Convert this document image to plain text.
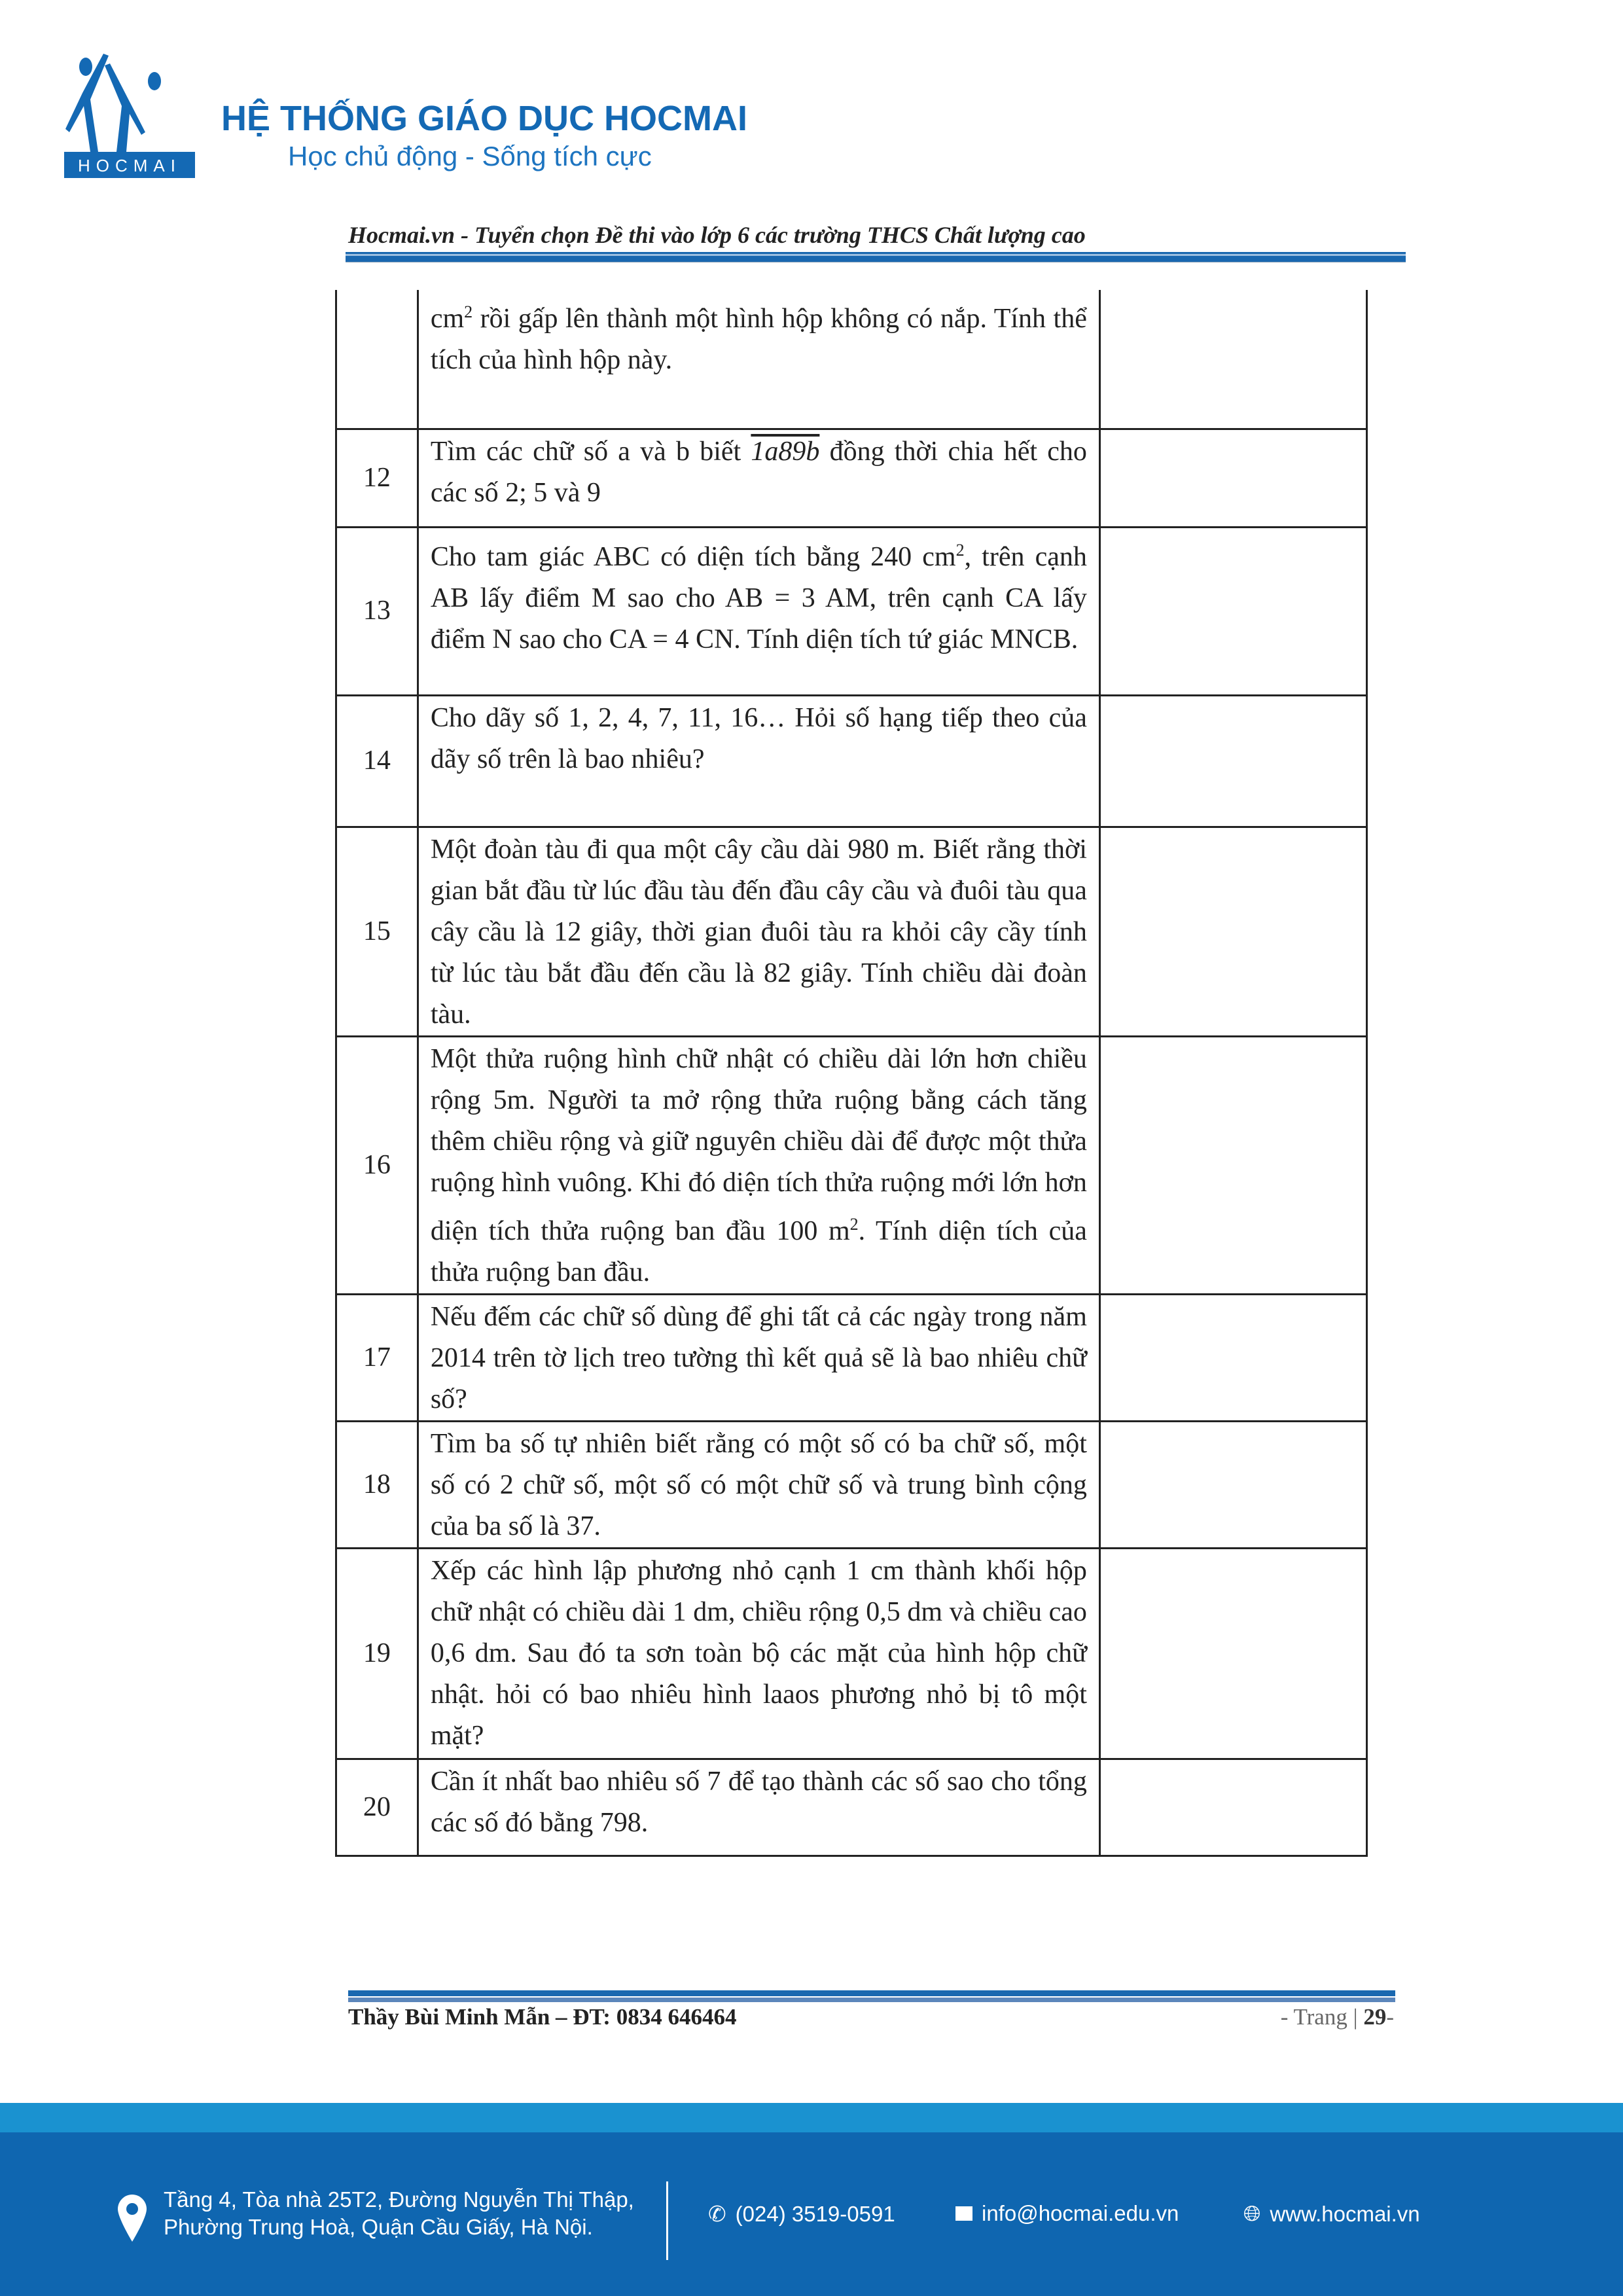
HOCMAI
HỆ THỐNG GIÁO DỤC HOCMAI
Học chủ động - Sống tích cực
Hocmai.vn - Tuyển chọn Đề thi vào lớp 6 các trường THCS Chất lượng cao
	$cm^2$ rồi gấp lên thành một hình hộp không có nắp. Tính thể tích của hình hộp này.	
12	Tìm các chữ số a và b biết 1a89b đồng thời chia hết cho các số 2; 5 và 9	
13	Cho tam giác ABC có diện tích bằng 240 $cm^2$, trên cạnh AB lấy điểm M sao cho AB = 3 AM, trên cạnh CA lấy điểm N sao cho CA = 4 CN. Tính diện tích tứ giác MNCB.	
14	Cho dãy số 1, 2, 4, 7, 11, 16… Hỏi số hạng tiếp theo của dãy số trên là bao nhiêu?	
15	Một đoàn tàu đi qua một cây cầu dài 980 m. Biết rằng thời gian bắt đầu từ lúc đầu tàu đến đầu cây cầu và đuôi tàu qua cây cầu là 12 giây, thời gian đuôi tàu ra khỏi cây cầy tính từ lúc tàu bắt đầu đến cầu là 82 giây. Tính chiều dài đoàn tàu.	
16	Một thửa ruộng hình chữ nhật có chiều dài lớn hơn chiều rộng 5m. Người ta mở rộng thửa ruộng bằng cách tăng thêm chiều rộng và giữ nguyên chiều dài để được một thửa ruộng hình vuông. Khi đó diện tích thửa ruộng mới lớn hơn diện tích thửa ruộng ban đầu 100 $m^2$. Tính diện tích của thửa ruộng ban đầu.	
17	Nếu đếm các chữ số dùng để ghi tất cả các ngày trong năm 2014 trên tờ lịch treo tường thì kết quả sẽ là bao nhiêu chữ số?	
18	Tìm ba số tự nhiên biết rằng có một số có ba chữ số, một số có 2 chữ số, một số có một chữ số và trung bình cộng của ba số là 37.	
19	Xếp các hình lập phương nhỏ cạnh 1 cm thành khối hộp chữ nhật có chiều dài 1 dm, chiều rộng 0,5 dm và chiều cao 0,6 dm. Sau đó ta sơn toàn bộ các mặt của hình hộp chữ nhật. hỏi có bao nhiêu hình laaos phương nhỏ bị tô một mặt?	
20	Cần ít nhất bao nhiêu số 7 để tạo thành các số sao cho tổng các số đó bằng 798.	
Thầy Bùi Minh Mẫn – ĐT: 0834 646464	- Trang | 29-
Tầng 4, Tòa nhà 25T2, Đường Nguyễn Thị Thập,
Phường Trung Hoà, Quận Cầu Giấy, Hà Nội.
✆ (024) 3519-0591	info@hocmai.edu.vn	🌐︎ www.hocmai.vn
